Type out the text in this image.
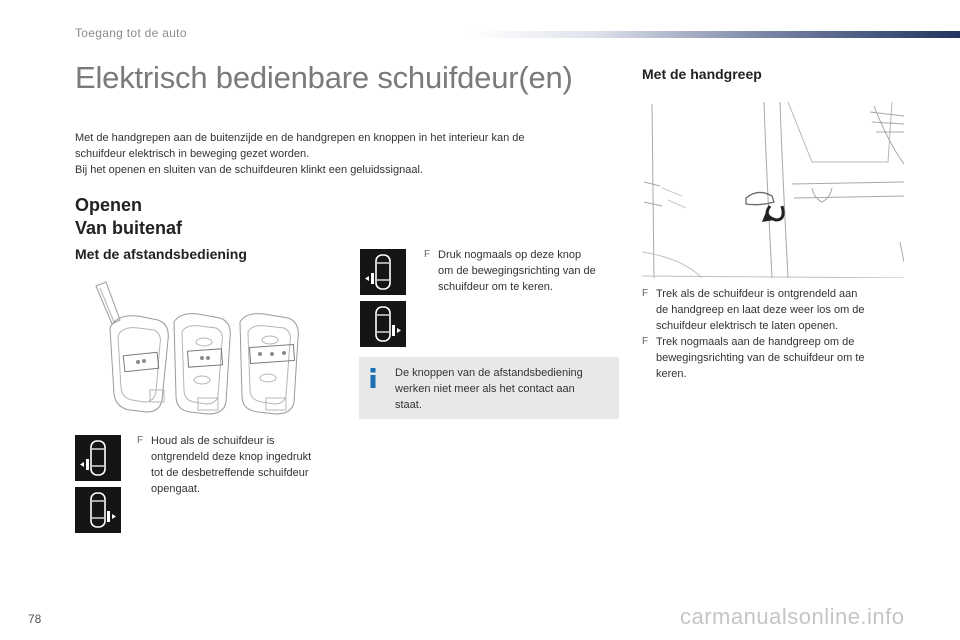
Toegang tot de auto
Elektrisch bedienbare schuifdeur(en)
Met de handgrepen aan de buitenzijde en de handgrepen en knoppen in het interieur kan de
schuifdeur elektrisch in beweging gezet worden.
Bij het openen en sluiten van de schuifdeuren klinkt een geluidssignaal.
Openen
Van buitenaf
Met de afstandsbediening
F Houd als de schuifdeur is
ontgrendeld deze knop ingedrukt
tot de desbetreffende schuifdeur
opengaat.
F Druk nogmaals op deze knop
om de bewegingsrichting van de
schuifdeur om te keren.
De knoppen van de afstandsbediening
werken niet meer als het contact aan
staat.
Met de handgreep
F Trek als de schuifdeur is ontgrendeld aan
de handgreep en laat deze weer los om de
schuifdeur elektrisch te laten openen.
F Trek nogmaals aan de handgreep om de
bewegingsrichting van de schuifdeur om te
keren.
78	carmanualsonline.info
